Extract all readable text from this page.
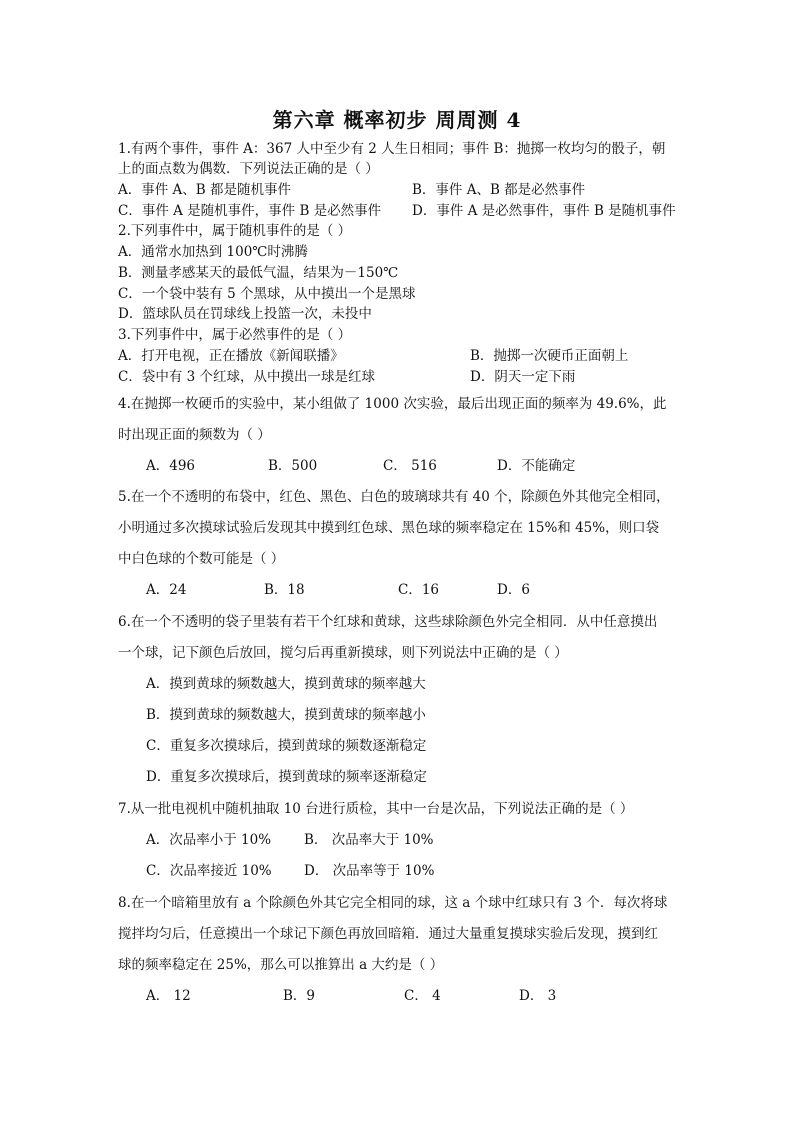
第六章 概率初步 周周测 4
1.有两个事件，事件 A：367 人中至少有 2 人生日相同；事件 B：抛掷一枚均匀的骰子，朝
上的面点数为偶数．下列说法正确的是（ ）
A．事件 A、B 都是随机事件	B．事件 A、B 都是必然事件
C．事件 A 是随机事件，事件 B 是必然事件 D．事件 A 是必然事件，事件 B 是随机事件
2.下列事件中，属于随机事件的是（ ）
A．通常水加热到 100℃时沸腾
B．测量孝感某天的最低气温，结果为－150℃
C．一个袋中装有 5 个黑球，从中摸出一个是黑球
D．篮球队员在罚球线上投篮一次，未投中
3.下列事件中，属于必然事件的是（ ）
A．打开电视，正在播放《新闻联播》	B．抛掷一次硬币正面朝上
C．袋中有 3 个红球，从中摸出一球是红球	D．阴天一定下雨
4.在抛掷一枚硬币的实验中，某小组做了 1000 次实验，最后出现正面的频率为 49.6%，此
时出现正面的频数为（ ）
A．496	B．500	C． 516	D．不能确定
5.在一个不透明的布袋中，红色、黑色、白色的玻璃球共有 40 个，除颜色外其他完全相同，
小明通过多次摸球试验后发现其中摸到红色球、黑色球的频率稳定在 15%和 45%，则口袋
中白色球的个数可能是（ ）
A．24	B．18	C．16	D．6
6.在一个不透明的袋子里装有若干个红球和黄球，这些球除颜色外完全相同．从中任意摸出
一个球，记下颜色后放回，搅匀后再重新摸球，则下列说法中正确的是（ ）
A．摸到黄球的频数越大，摸到黄球的频率越大
B．摸到黄球的频数越大，摸到黄球的频率越小
C．重复多次摸球后，摸到黄球的频数逐渐稳定
D．重复多次摸球后，摸到黄球的频率逐渐稳定
7.从一批电视机中随机抽取 10 台进行质检，其中一台是次品，下列说法正确的是（ ）
A．次品率小于 10% B． 次品率大于 10%
C．次品率接近 10% D． 次品率等于 10%
8.在一个暗箱里放有 a 个除颜色外其它完全相同的球，这 a 个球中红球只有 3 个．每次将球
搅拌均匀后，任意摸出一个球记下颜色再放回暗箱．通过大量重复摸球实验后发现，摸到红
球的频率稳定在 25%，那么可以推算出 a 大约是（ ）
A． 12	B．9	C． 4	D． 3
